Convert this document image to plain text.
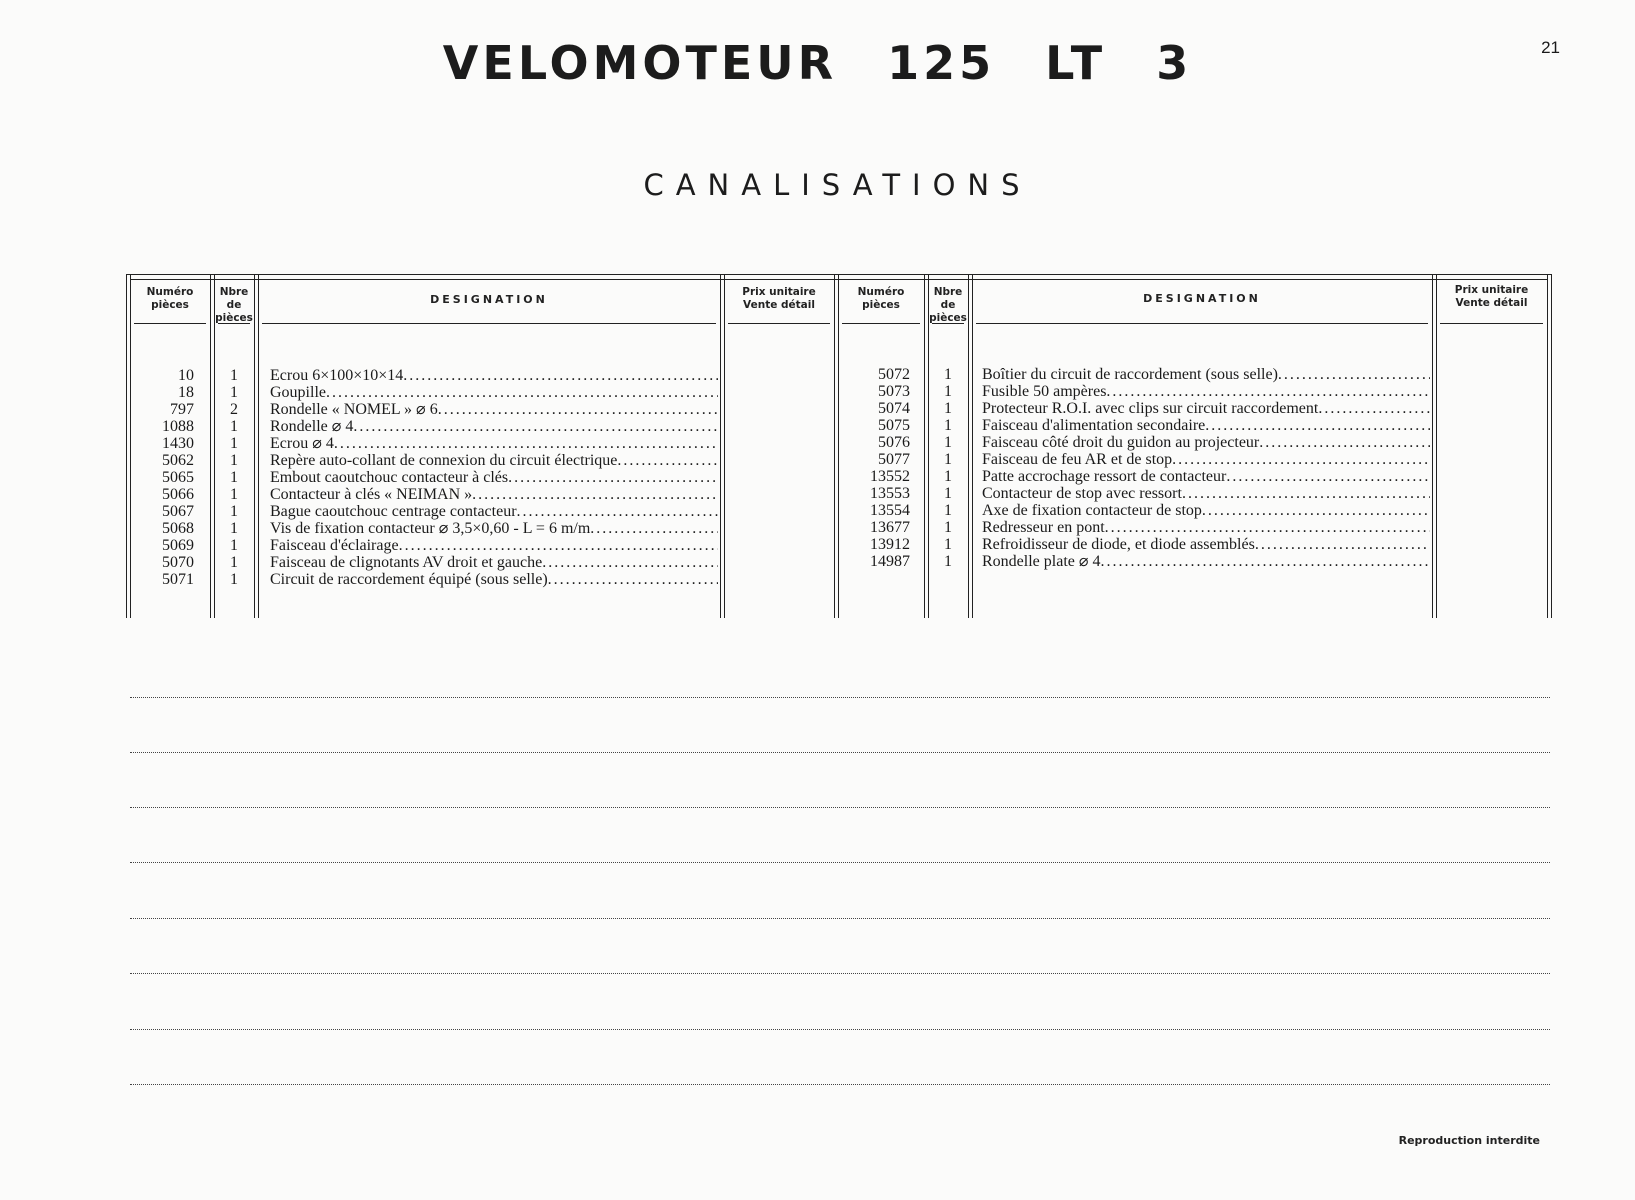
21
VELOMOTEUR 125 LT 3
CANALISATIONS
Numéro
pièces
Nbre de
pièces
DESIGNATION
Prix unitaire
Vente détail
Numéro
pièces
Nbre de
pièces
DESIGNATION
Prix unitaire
Vente détail
10
18
797
1088
1430
5062
5065
5066
5067
5068
5069
5070
5071
1
1
2
1
1
1
1
1
1
1
1
1
1
Ecrou 6×100×10×14
. . .
Goupille
. . .
Rondelle « NOMEL » ⌀ 6
. . .
Rondelle ⌀ 4
. . .
Ecrou ⌀ 4
. . .
Repère auto-collant de connexion du circuit électrique
. . .
Embout caoutchouc contacteur à clés
. . .
Contacteur à clés « NEIMAN »
. . .
Bague caoutchouc centrage contacteur
. . .
Vis de fixation contacteur ⌀ 3,5×0,60 - L = 6 m/m
. . .
Faisceau d'éclairage
. . .
Faisceau de clignotants AV droit et gauche
. . .
Circuit de raccordement équipé (sous selle)
. . .
5072
5073
5074
5075
5076
5077
13552
13553
13554
13677
13912
14987
1
1
1
1
1
1
1
1
1
1
1
1
Boîtier du circuit de raccordement (sous selle)
. . .
Fusible 50 ampères
. . .
Protecteur R.O.I. avec clips sur circuit raccordement
. . .
Faisceau d'alimentation secondaire
. . .
Faisceau côté droit du guidon au projecteur
. . .
Faisceau de feu AR et de stop
. . .
Patte accrochage ressort de contacteur
. . .
Contacteur de stop avec ressort
. . .
Axe de fixation contacteur de stop
. . .
Redresseur en pont
. . .
Refroidisseur de diode, et diode assemblés
. . .
Rondelle plate ⌀ 4
. . .
Reproduction interdite
